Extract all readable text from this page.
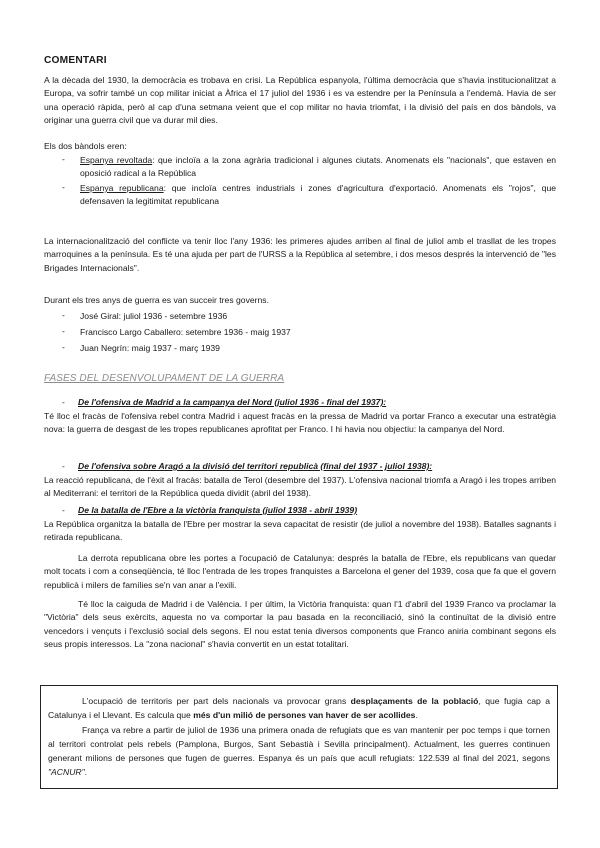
COMENTARI
A la dècada del 1930, la democràcia es trobava en crisi. La República espanyola, l'última democràcia que s'havia institucionalitzat a Europa, va sofrir també un cop militar iniciat a Àfrica el 17 juliol del 1936 i es va estendre per la Península a l'endemà. Havia de ser una operació ràpida, però al cap d'una setmana veient que el cop militar no havia triomfat, i la divisió del país en dos bàndols, va originar una guerra civil que va durar mil dies.
Els dos bàndols eren:
- Espanya revoltada: que incloïa a la zona agrària tradicional i algunes ciutats. Anomenats els "nacionals", que estaven en oposició radical a la República
- Espanya republicana: que incloïa centres industrials i zones d'agricultura d'exportació. Anomenats els "rojos", que defensaven la legitimitat republicana
La internacionalització del conflicte va tenir lloc l'any 1936: les primeres ajudes arriben al final de juliol amb el trasllat de les tropes marroquines a la península. Es té una ajuda per part de l'URSS a la República al setembre, i dos mesos després la intervenció de "les Brigades Internacionals".
Durant els tres anys de guerra es van succeir tres governs.
- José Giral: juliol 1936 - setembre 1936
- Francisco Largo Caballero: setembre 1936 - maig 1937
- Juan Negrín: maig 1937 - març 1939
FASES DEL DESENVOLUPAMENT DE LA GUERRA
- De l'ofensiva de Madrid a la campanya del Nord (juliol 1936 - final del 1937):
Té lloc el fracàs de l'ofensiva rebel contra Madrid i aquest fracàs en la pressa de Madrid va portar Franco a executar una estratègia nova: la guerra de desgast de les tropes republicanes aprofitat per Franco. I hi havia nou objectiu: la campanya del Nord.
- De l'ofensiva sobre Aragó a la divisió del territori republicà (final del 1937 - juliol 1938):
La reacció republicana, de l'èxit al fracàs: batalla de Terol (desembre del 1937). L'ofensiva nacional triomfa a Aragó i les tropes arriben al Mediterrani: el territori de la República queda dividit (abril del 1938).
- De la batalla de l'Ebre a la victòria franquista (juliol 1938 - abril 1939)
La República organitza la batalla de l'Ebre per mostrar la seva capacitat de resistir (de juliol a novembre del 1938). Batalles sagnants i retirada republicana.
La derrota republicana obre les portes a l'ocupació de Catalunya: després la batalla de l'Ebre, els republicans van quedar molt tocats i com a conseqüència, té lloc l'entrada de les tropes franquistes a Barcelona el gener del 1939, cosa que fa que el govern republicà i milers de famílies se'n van anar a l'exili.
Té lloc la caiguda de Madrid i de València. I per últim, la Victòria franquista: quan l'1 d'abril del 1939 Franco va proclamar la "Victòria" dels seus exèrcits, aquesta no va comportar la pau basada en la reconciliació, sinó la continuïtat de la divisió entre vencedors i vençuts i l'exclusió social dels segons. El nou estat tenia diversos components que Franco aniria combinant segons els seus propis interessos. La "zona nacional" s'havia convertit en un estat totalitari.
L'ocupació de territoris per part dels nacionals va provocar grans desplaçaments de la població, que fugia cap a Catalunya i el Llevant. Es calcula que més d'un milió de persones van haver de ser acollides.
França va rebre a partir de juliol de 1936 una primera onada de refugiats que es van mantenir per poc temps i que tornen al territori controlat pels rebels (Pamplona, Burgos, Sant Sebastià i Sevilla principalment). Actualment, les guerres continuen generant milions de persones que fugen de guerres. Espanya és un país que acull refugiats: 122.539 al final del 2021, segons "ACNUR".
